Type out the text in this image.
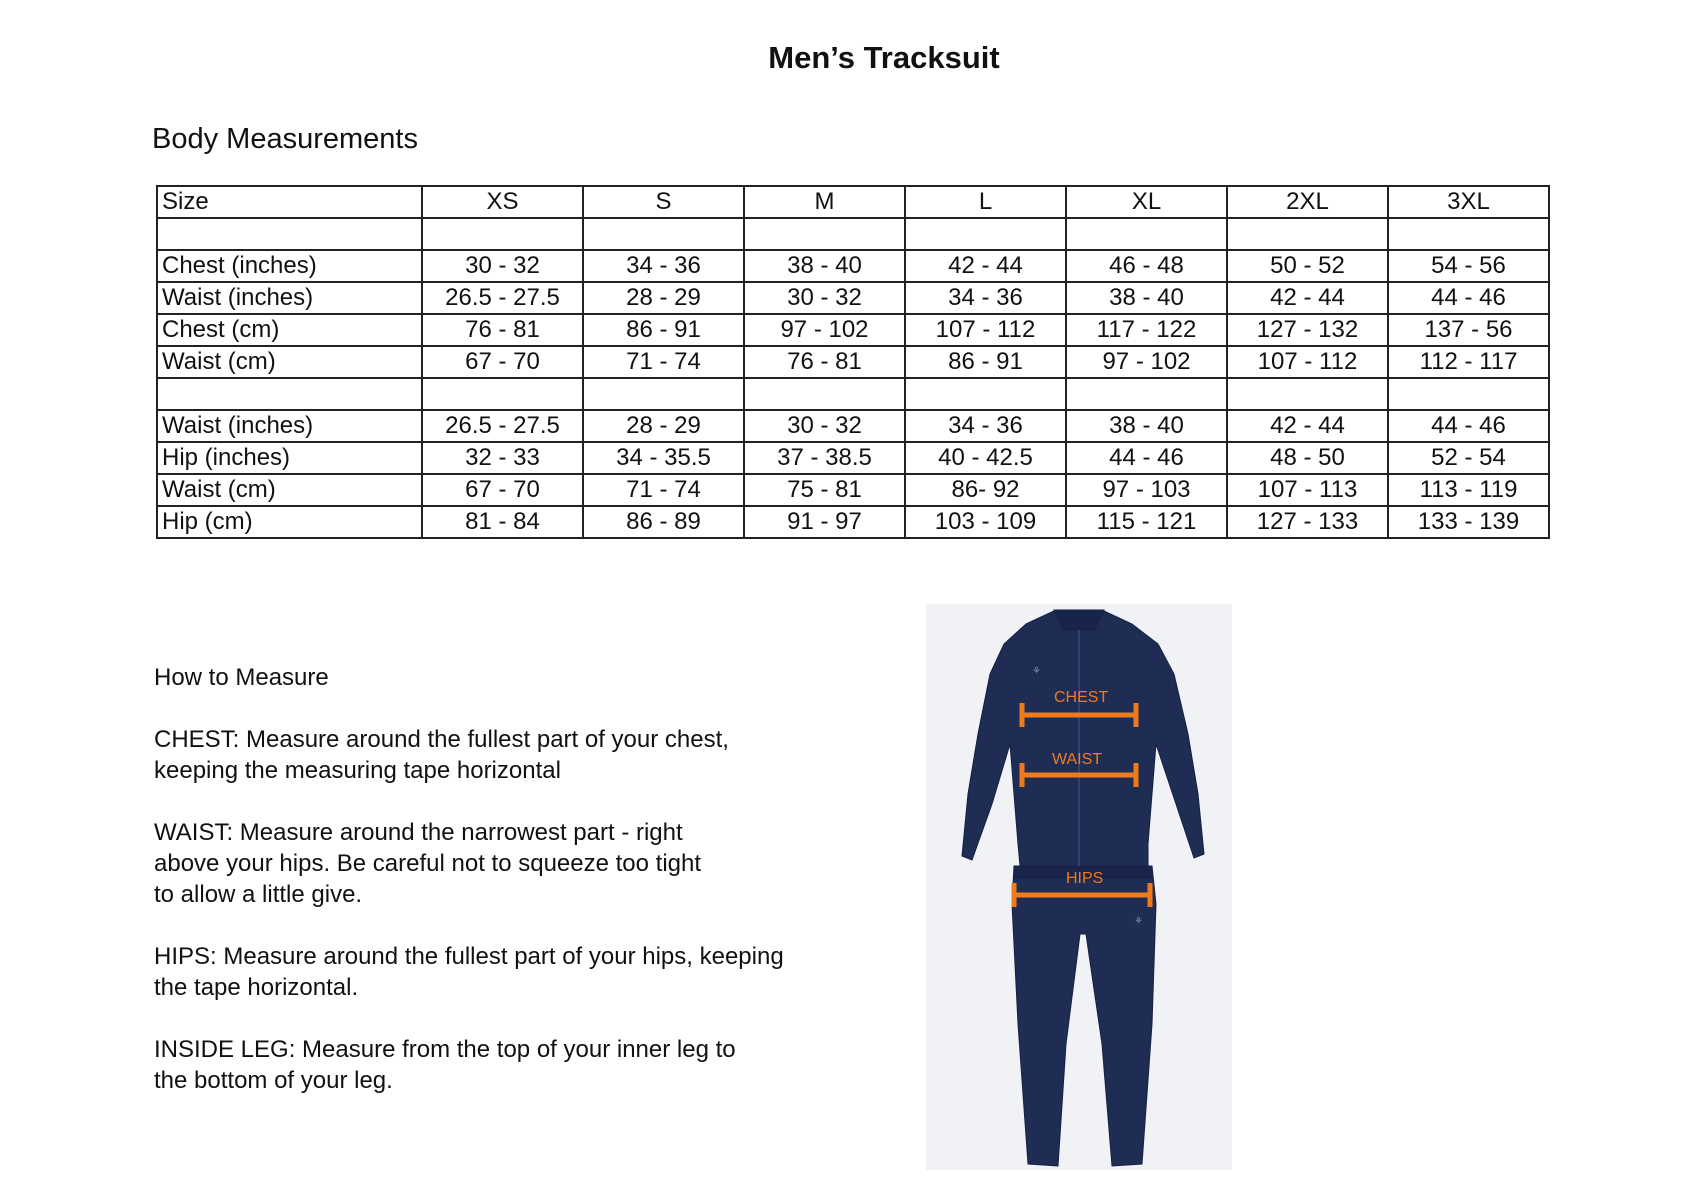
Men’s Tracksuit
Body Measurements
Size	XS	S	M	L	XL	2XL	3XL

Chest (inches)	30 - 32	34 - 36	38 - 40	42 - 44	46 - 48	50 - 52	54 - 56
Waist (inches)	26.5 - 27.5	28 - 29	30 - 32	34 - 36	38 - 40	42 - 44	44 - 46
Chest (cm)	76 - 81	86 - 91	97 - 102	107 - 112	117 - 122	127 - 132	137 - 56
Waist (cm)	67 - 70	71 - 74	76 - 81	86 - 91	97 - 102	107 - 112	112 - 117

Waist (inches)	26.5 - 27.5	28 - 29	30 - 32	34 - 36	38 - 40	42 - 44	44 - 46
Hip (inches)	32 - 33	34 - 35.5	37 - 38.5	40 - 42.5	44 - 46	48 - 50	52 - 54
Waist (cm)	67 - 70	71 - 74	75 - 81	86- 92	97 - 103	107 - 113	113 - 119
Hip (cm)	81 - 84	86 - 89	91 - 97	103 - 109	115 - 121	127 - 133	133 - 139

How to Measure

CHEST: Measure around the fullest part of your chest,
keeping the measuring tape horizontal

WAIST: Measure around the narrowest part - right
above your hips. Be careful not to squeeze too tight
to allow a little give.

HIPS: Measure around the fullest part of your hips, keeping
the tape horizontal.

INSIDE LEG: Measure from the top of your inner leg to
the bottom of your leg.

⚘
⚘
CHEST
WAIST
HIPS
